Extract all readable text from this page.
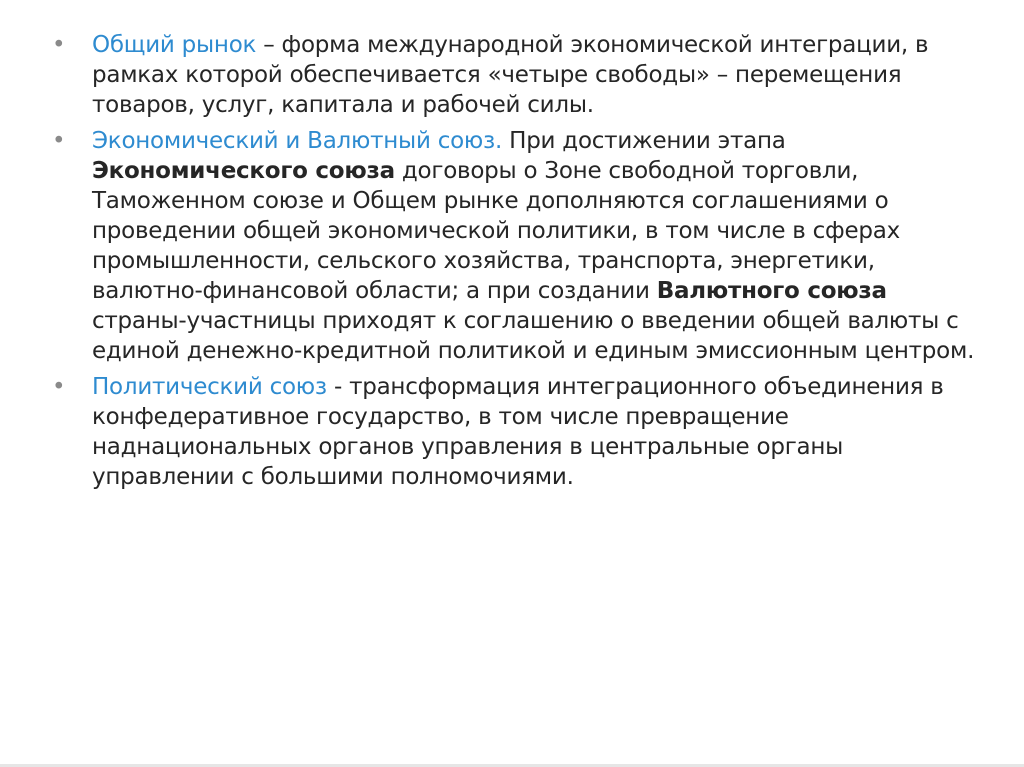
•	Общий рынок – форма международной экономической интеграции, в рамках которой обеспечивается «четыре свободы» – перемещения товаров, услуг, капитала и рабочей силы.
•	Экономический и Валютный союз. При достижении этапа Экономического союза договоры о Зоне свободной торговли, Таможенном союзе и Общем рынке дополняются соглашениями о проведении общей экономической политики, в том числе в сферах промышленности, сельского хозяйства, транспорта, энергетики, валютно-финансовой области; а при создании Валютного союза страны-участницы приходят к соглашению о введении общей валюты с единой денежно-кредитной политикой и единым эмиссионным центром.
•	Политический союз - трансформация интеграционного объединения в конфедеративное государство, в том числе превращение наднациональных органов управления в центральные органы управлении с большими полномочиями.
